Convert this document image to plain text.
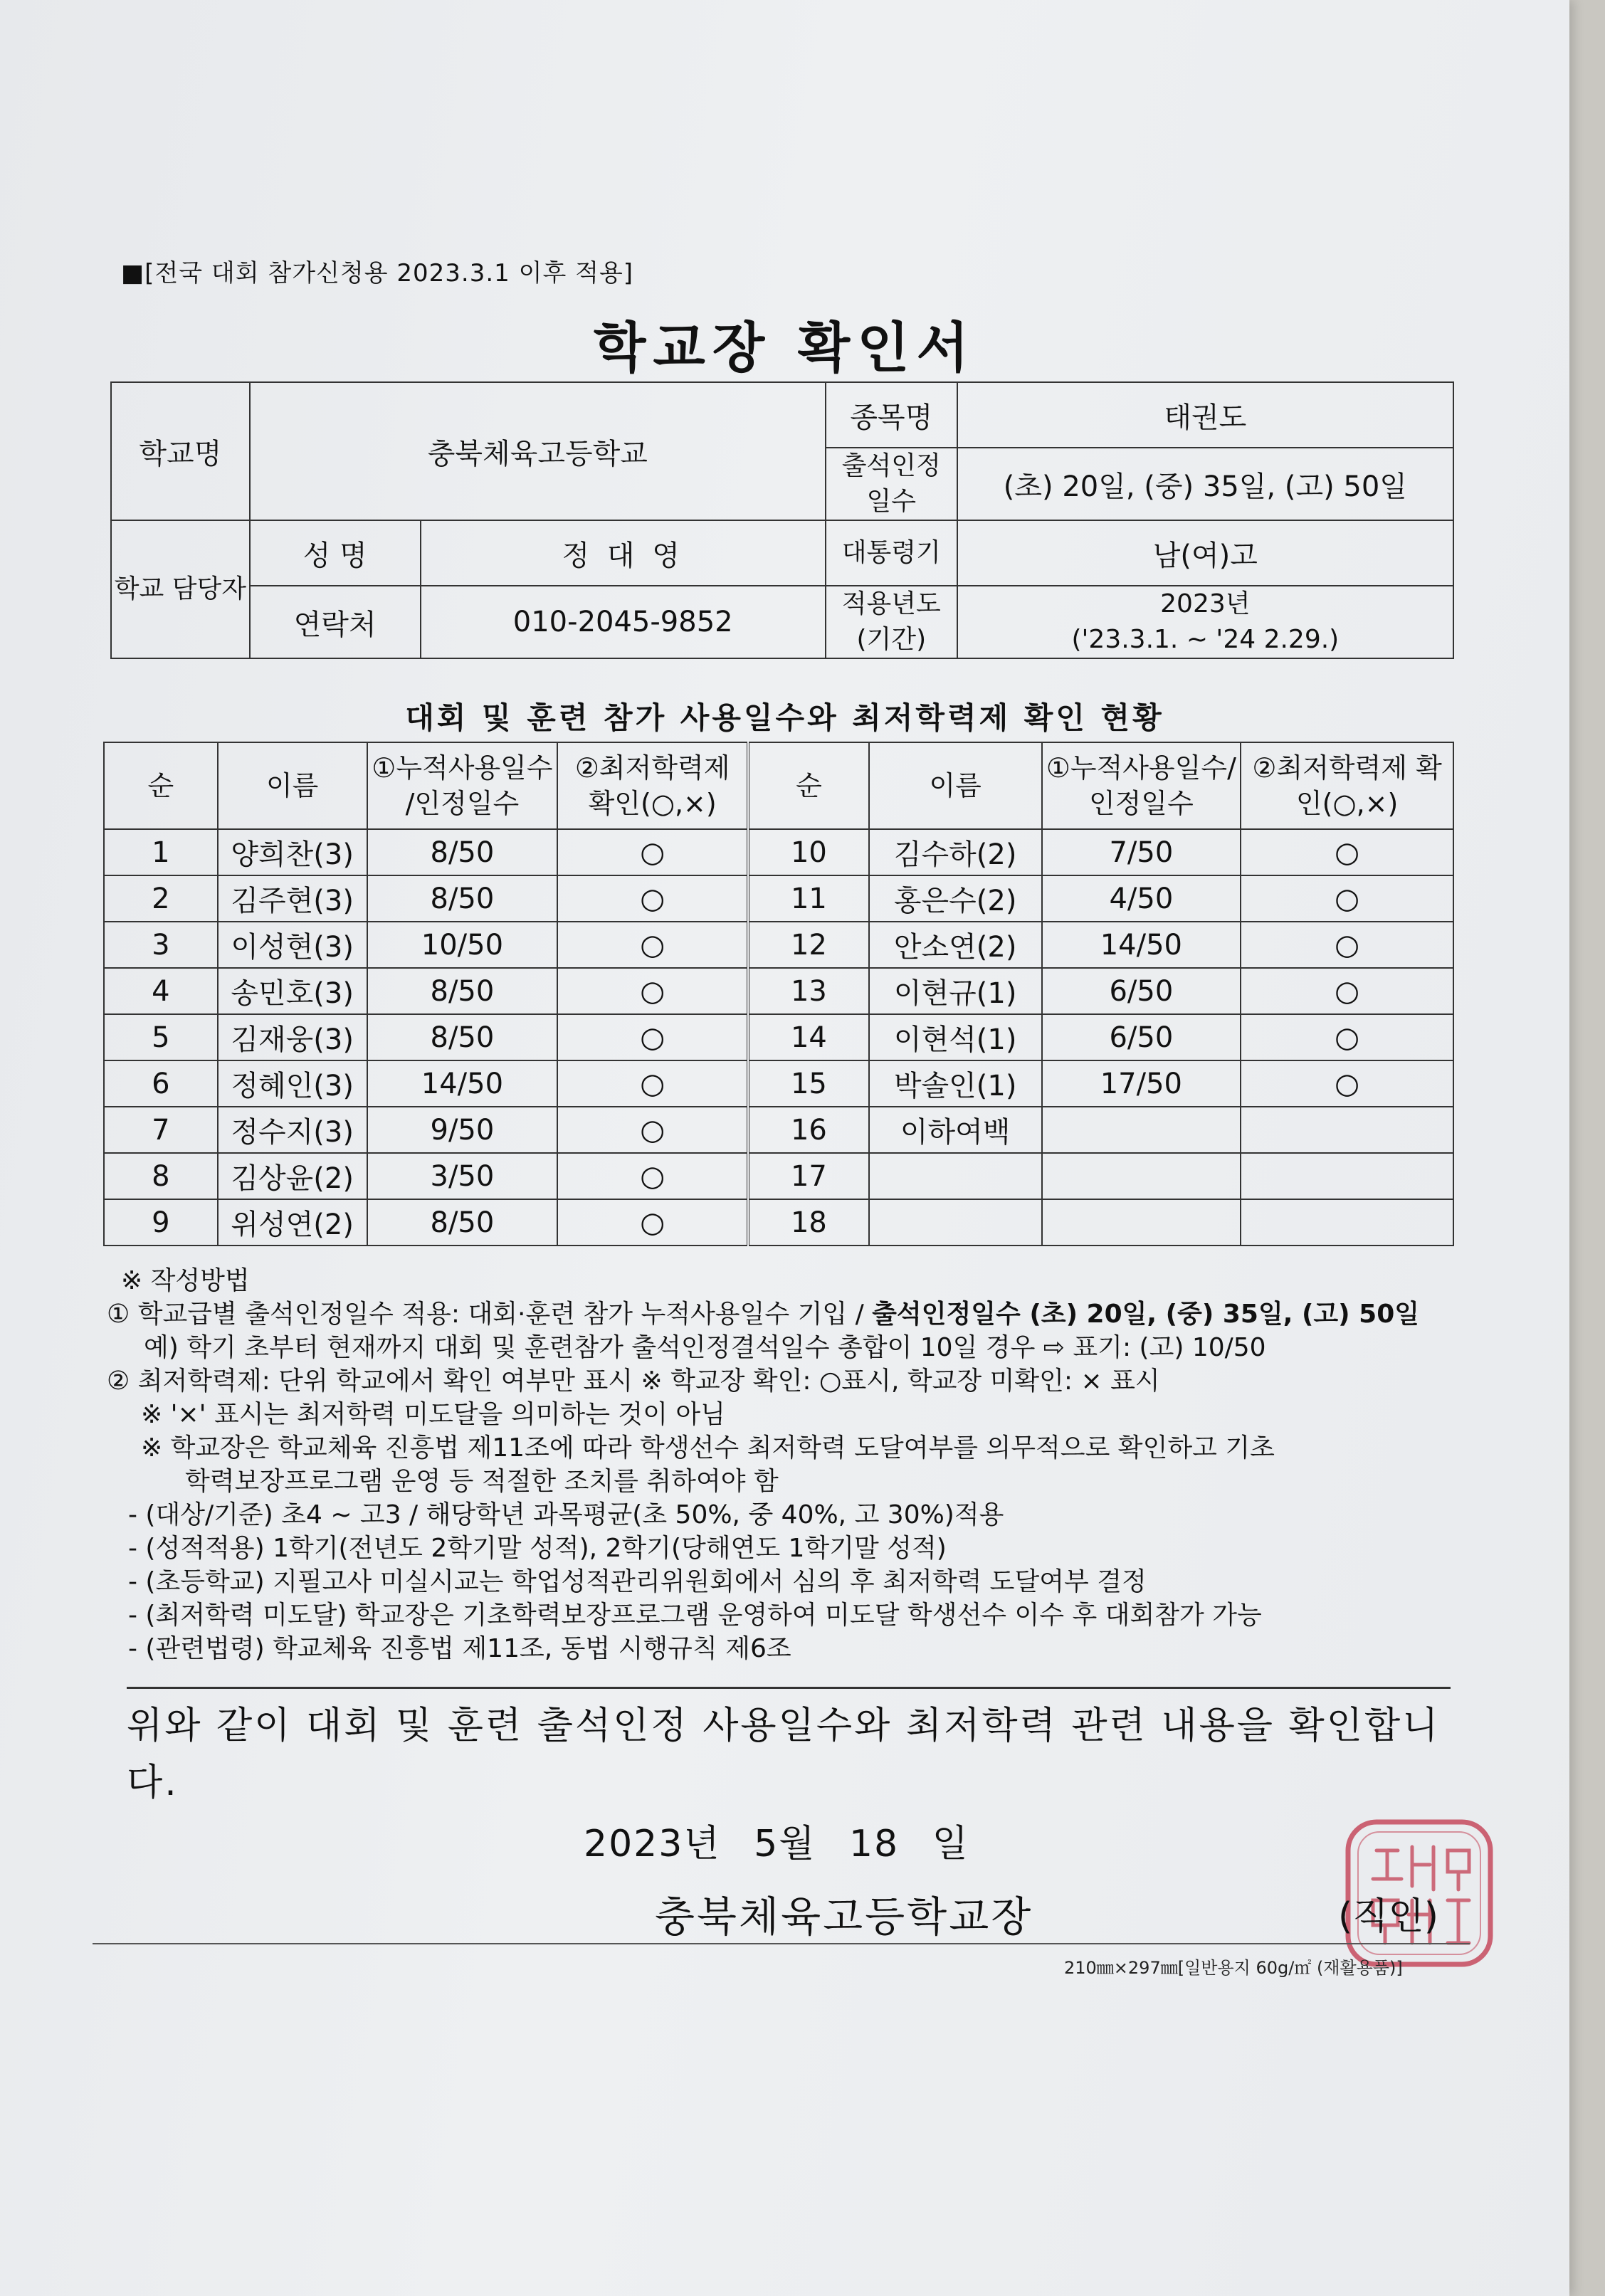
■[전국 대회 참가신청용 2023.3.1 이후 적용]
학교장 확인서
학교명	충북체육고등학교		종목명	태권도
			출석인정 일수	(초) 20일, (중) 35일, (고) 50일
학교 담당자	성 명	정 대 영	대통령기	남(여)고
	연락처	010-2045-9852	적용년도 (기간)	2023년
('23.3.1. ~ '24 2.29.)
대회 및 훈련 참가 사용일수와 최저학력제 확인 현황
순	이름	①누적사용일수 /인정일수	②최저학력제 확인(○,×)	순	이름	①누적사용일수/ 인정일수	②최저학력제 확인(○,×)
1	양희찬(3)	8/50	○	10	김수하(2)	7/50	○
2	김주현(3)	8/50	○	11	홍은수(2)	4/50	○
3	이성현(3)	10/50	○	12	안소연(2)	14/50	○
4	송민호(3)	8/50	○	13	이현규(1)	6/50	○
5	김재웅(3)	8/50	○	14	이현석(1)	6/50	○
6	정혜인(3)	14/50	○	15	박솔인(1)	17/50	○
7	정수지(3)	9/50	○	16	이하여백		
8	김상윤(2)	3/50	○	17			
9	위성연(2)	8/50	○	18			
※ 작성방법
① 학교급별 출석인정일수 적용: 대회·훈련 참가 누적사용일수 기입 / 출석인정일수 (초) 20일, (중) 35일, (고) 50일
예) 학기 초부터 현재까지 대회 및 훈련참가 출석인정결석일수 총합이 10일 경우 ⇨ 표기: (고) 10/50
② 최저학력제: 단위 학교에서 확인 여부만 표시 ※ 학교장 확인: ○표시, 학교장 미확인: × 표시
※ '×' 표시는 최저학력 미도달을 의미하는 것이 아님
※ 학교장은 학교체육 진흥법 제11조에 따라 학생선수 최저학력 도달여부를 의무적으로 확인하고 기초
학력보장프로그램 운영 등 적절한 조치를 취하여야 함
- (대상/기준) 초4 ~ 고3 / 해당학년 과목평균(초 50%, 중 40%, 고 30%)적용
- (성적적용) 1학기(전년도 2학기말 성적), 2학기(당해연도 1학기말 성적)
- (초등학교) 지필고사 미실시교는 학업성적관리위원회에서 심의 후 최저학력 도달여부 결정
- (최저학력 미도달) 학교장은 기초학력보장프로그램 운영하여 미도달 학생선수 이수 후 대회참가 가능
- (관련법령) 학교체육 진흥법 제11조, 동법 시행규칙 제6조
위와 같이 대회 및 훈련 출석인정 사용일수와 최저학력 관련 내용을 확인합니다.
2023년 5월 18 일
충북체육고등학교장	(직인)
210㎜×297㎜[일반용지 60g/㎡ (재활용품)]
